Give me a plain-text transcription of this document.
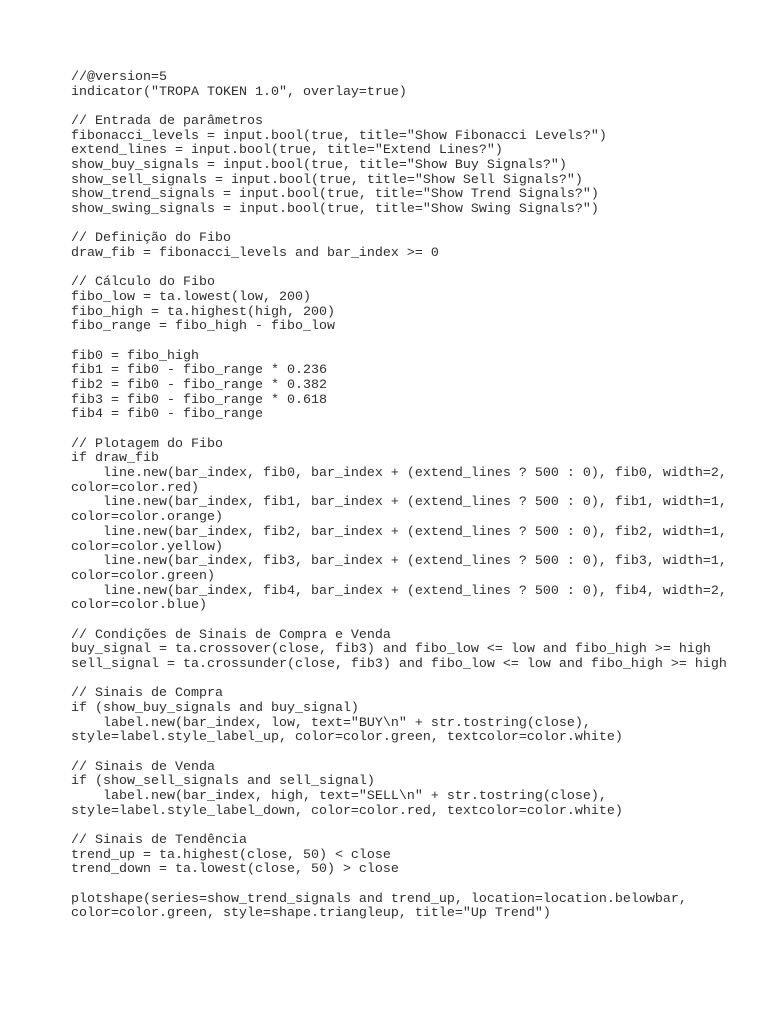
//@version=5
indicator("TROPA TOKEN 1.0", overlay=true)
// Entrada de parâmetros
fibonacci_levels = input.bool(true, title="Show Fibonacci Levels?")
extend_lines = input.bool(true, title="Extend Lines?")
show_buy_signals = input.bool(true, title="Show Buy Signals?")
show_sell_signals = input.bool(true, title="Show Sell Signals?")
show_trend_signals = input.bool(true, title="Show Trend Signals?")
show_swing_signals = input.bool(true, title="Show Swing Signals?")
// Definição do Fibo
draw_fib = fibonacci_levels and bar_index >= 0
// Cálculo do Fibo
fibo_low = ta.lowest(low, 200)
fibo_high = ta.highest(high, 200)
fibo_range = fibo_high - fibo_low
fib0 = fibo_high
fib1 = fib0 - fibo_range * 0.236
fib2 = fib0 - fibo_range * 0.382
fib3 = fib0 - fibo_range * 0.618
fib4 = fib0 - fibo_range
// Plotagem do Fibo
if draw_fib
line.new(bar_index, fib0, bar_index + (extend_lines ? 500 : 0), fib0, width=2,
color=color.red)
line.new(bar_index, fib1, bar_index + (extend_lines ? 500 : 0), fib1, width=1,
color=color.orange)
line.new(bar_index, fib2, bar_index + (extend_lines ? 500 : 0), fib2, width=1,
color=color.yellow)
line.new(bar_index, fib3, bar_index + (extend_lines ? 500 : 0), fib3, width=1,
color=color.green)
line.new(bar_index, fib4, bar_index + (extend_lines ? 500 : 0), fib4, width=2,
color=color.blue)
// Condições de Sinais de Compra e Venda
buy_signal = ta.crossover(close, fib3) and fibo_low <= low and fibo_high >= high
sell_signal = ta.crossunder(close, fib3) and fibo_low <= low and fibo_high >= high
// Sinais de Compra
if (show_buy_signals and buy_signal)
label.new(bar_index, low, text="BUY\n" + str.tostring(close),
style=label.style_label_up, color=color.green, textcolor=color.white)
// Sinais de Venda
if (show_sell_signals and sell_signal)
label.new(bar_index, high, text="SELL\n" + str.tostring(close),
style=label.style_label_down, color=color.red, textcolor=color.white)
// Sinais de Tendência
trend_up = ta.highest(close, 50) < close
trend_down = ta.lowest(close, 50) > close
plotshape(series=show_trend_signals and trend_up, location=location.belowbar,
color=color.green, style=shape.triangleup, title="Up Trend")
